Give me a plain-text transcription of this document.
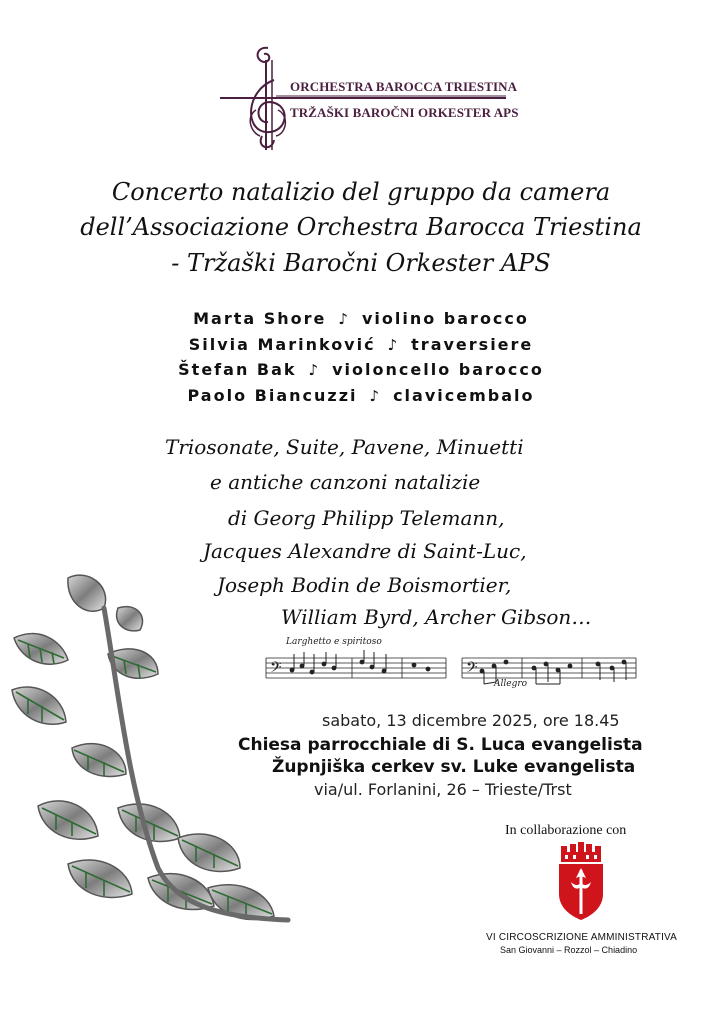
ORCHESTRA BAROCCA TRIESTINA
TRŽAŠKI BAROČNI ORKESTER APS
Concerto natalizio del gruppo da camera
dell’Associazione Orchestra Barocca Triestina
- Tržaški Baročni Orkester APS
Marta Shore ♪ violino barocco
Silvia Marinković ♪ traversiere
Štefan Bak ♪ violoncello barocco
Paolo Biancuzzi ♪ clavicembalo
Triosonate, Suite, Pavene, Minuetti
e antiche canzoni natalizie
di Georg Philipp Telemann,
Jacques Alexandre di Saint-Luc,
Joseph Bodin de Boismortier,
William Byrd, Archer Gibson…
𝄢	𝄢
Larghetto e spiritoso
Allegro
sabato, 13 dicembre 2025, ore 18.45
Chiesa parrocchiale di S. Luca evangelista
Župnjiška cerkev sv. Luke evangelista
via/ul. Forlanini, 26 – Trieste/Trst
In collaborazione con
VI CIRCOSCRIZIONE AMMINISTRATIVA
San Giovanni – Rozzol – Chiadino
